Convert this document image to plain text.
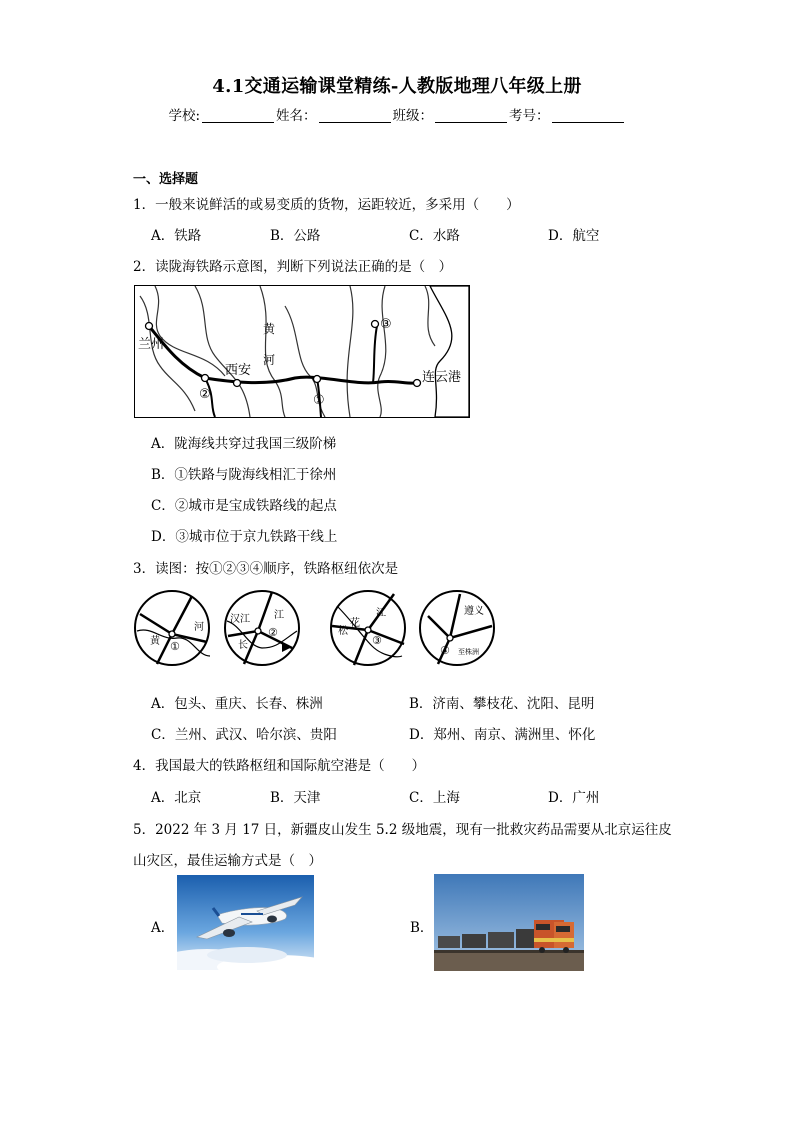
4.1交通运输课堂精练-人教版地理八年级上册
学校:	姓名：	班级：	考号：
一、选择题
1．一般来说鲜活的或易变质的货物，运距较近，多采用（　　）
A．铁路	B．公路	C．水路	D．航空
2．读陇海铁路示意图，判断下列说法正确的是（　）
兰州
西安	连云港
黄
河
①
②
③
A．陇海线共穿过我国三级阶梯
B．①铁路与陇海线相汇于徐州
C．②城市是宝成铁路线的起点
D．③城市位于京九铁路干线上
3．读图：按①②③④顺序，铁路枢纽依次是
黄
河
①
汉江 江
长
②
江
松
花
③
遵义
至株洲
④
A．包头、重庆、长春、株洲	B．济南、攀枝花、沈阳、昆明
C．兰州、武汉、哈尔滨、贵阳	D．郑州、南京、满洲里、怀化
4．我国最大的铁路枢纽和国际航空港是（　　）
A．北京	B．天津	C．上海	D．广州
5．2022 年 3 月 17 日，新疆皮山发生 5.2 级地震，现有一批救灾药品需要从北京运往皮
山灾区，最佳运输方式是（　）
A．	B．
